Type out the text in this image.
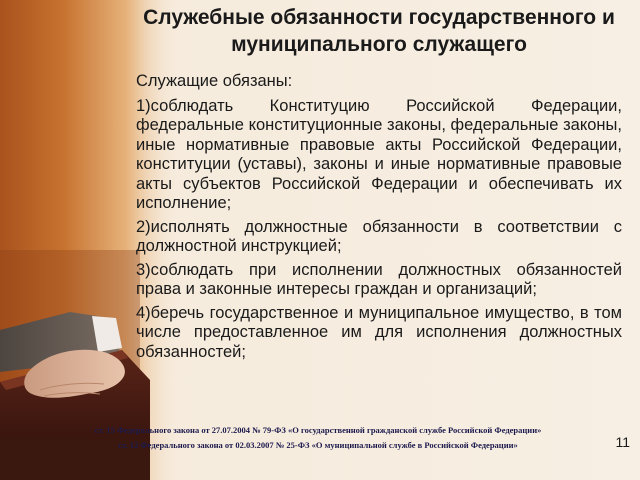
Служебные обязанности государственного и
муниципального служащего

Служащие обязаны:

1)соблюдать Конституцию Российской Федерации, федеральные конституционные законы, федеральные законы, иные нормативные правовые акты Российской Федерации, конституции (уставы), законы и иные нормативные правовые акты субъектов Российской Федерации и обеспечивать их исполнение;

2)исполнять должностные обязанности в соответствии с должностной инструкцией;

3)соблюдать при исполнении должностных обязанностей права и законные интересы граждан и организаций;

4)беречь государственное и муниципальное имущество, в том числе предоставленное им для исполнения должностных обязанностей;

ст. 15 Федерального закона от 27.07.2004 № 79-ФЗ «О государственной гражданской службе Российской Федерации»
ст. 12 Федерального закона от 02.03.2007 № 25-ФЗ «О муниципальной службе в Российской Федерации»	11
